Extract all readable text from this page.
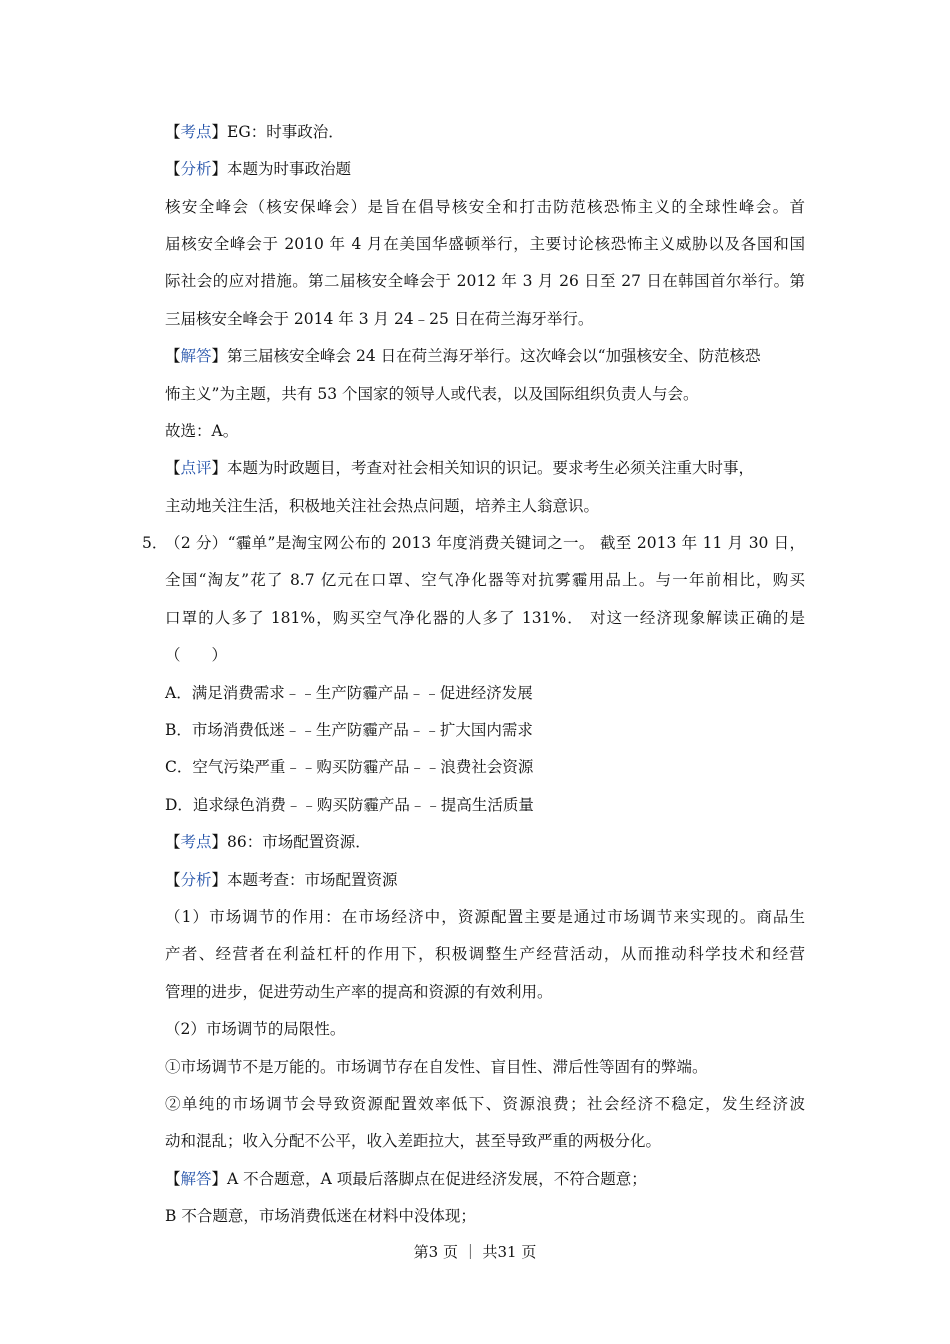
【考点】EG：时事政治．
【分析】本题为时事政治题
核安全峰会（核安保峰会）是旨在倡导核安全和打击防范核恐怖主义的全球性峰会。首
届核安全峰会于 2010 年 4 月在美国华盛顿举行，主要讨论核恐怖主义威胁以及各国和国
际社会的应对措施。第二届核安全峰会于 2012 年 3 月 26 日至 27 日在韩国首尔举行。第
三届核安全峰会于 2014 年 3 月 24﹣25 日在荷兰海牙举行。
【解答】第三届核安全峰会 24 日在荷兰海牙举行。这次峰会以“加强核安全、防范核恐
怖主义”为主题，共有 53 个国家的领导人或代表，以及国际组织负责人与会。
故选：A。
【点评】本题为时政题目，考查对社会相关知识的识记。要求考生必须关注重大时事，
主动地关注生活，积极地关注社会热点问题，培养主人翁意识。
5．
（2 分）“霾单”是淘宝网公布的 2013 年度消费关键词之一。 截至 2013 年 11 月 30 日，
全国“淘友”花了 8.7 亿元在口罩、空气净化器等对抗雾霾用品上。与一年前相比，购买
口罩的人多了 181%，购买空气净化器的人多了 131%． 对这一经济现象解读正确的是
（　　）
A．满足消费需求﹣﹣生产防霾产品﹣﹣促进经济发展
B．市场消费低迷﹣﹣生产防霾产品﹣﹣扩大国内需求
C．空气污染严重﹣﹣购买防霾产品﹣﹣浪费社会资源
D．追求绿色消费﹣﹣购买防霾产品﹣﹣提高生活质量
【考点】86：市场配置资源．
【分析】本题考查：市场配置资源
（1）市场调节的作用：在市场经济中，资源配置主要是通过市场调节来实现的。商品生
产者、经营者在利益杠杆的作用下，积极调整生产经营活动，从而推动科学技术和经营
管理的进步，促进劳动生产率的提高和资源的有效利用。
（2）市场调节的局限性。
①市场调节不是万能的。市场调节存在自发性、盲目性、滞后性等固有的弊端。
②单纯的市场调节会导致资源配置效率低下、资源浪费；社会经济不稳定，发生经济波
动和混乱；收入分配不公平，收入差距拉大，甚至导致严重的两极分化。
【解答】A 不合题意，A 项最后落脚点在促进经济发展，不符合题意；
B 不合题意，市场消费低迷在材料中没体现；
第3 页 ｜ 共31 页
